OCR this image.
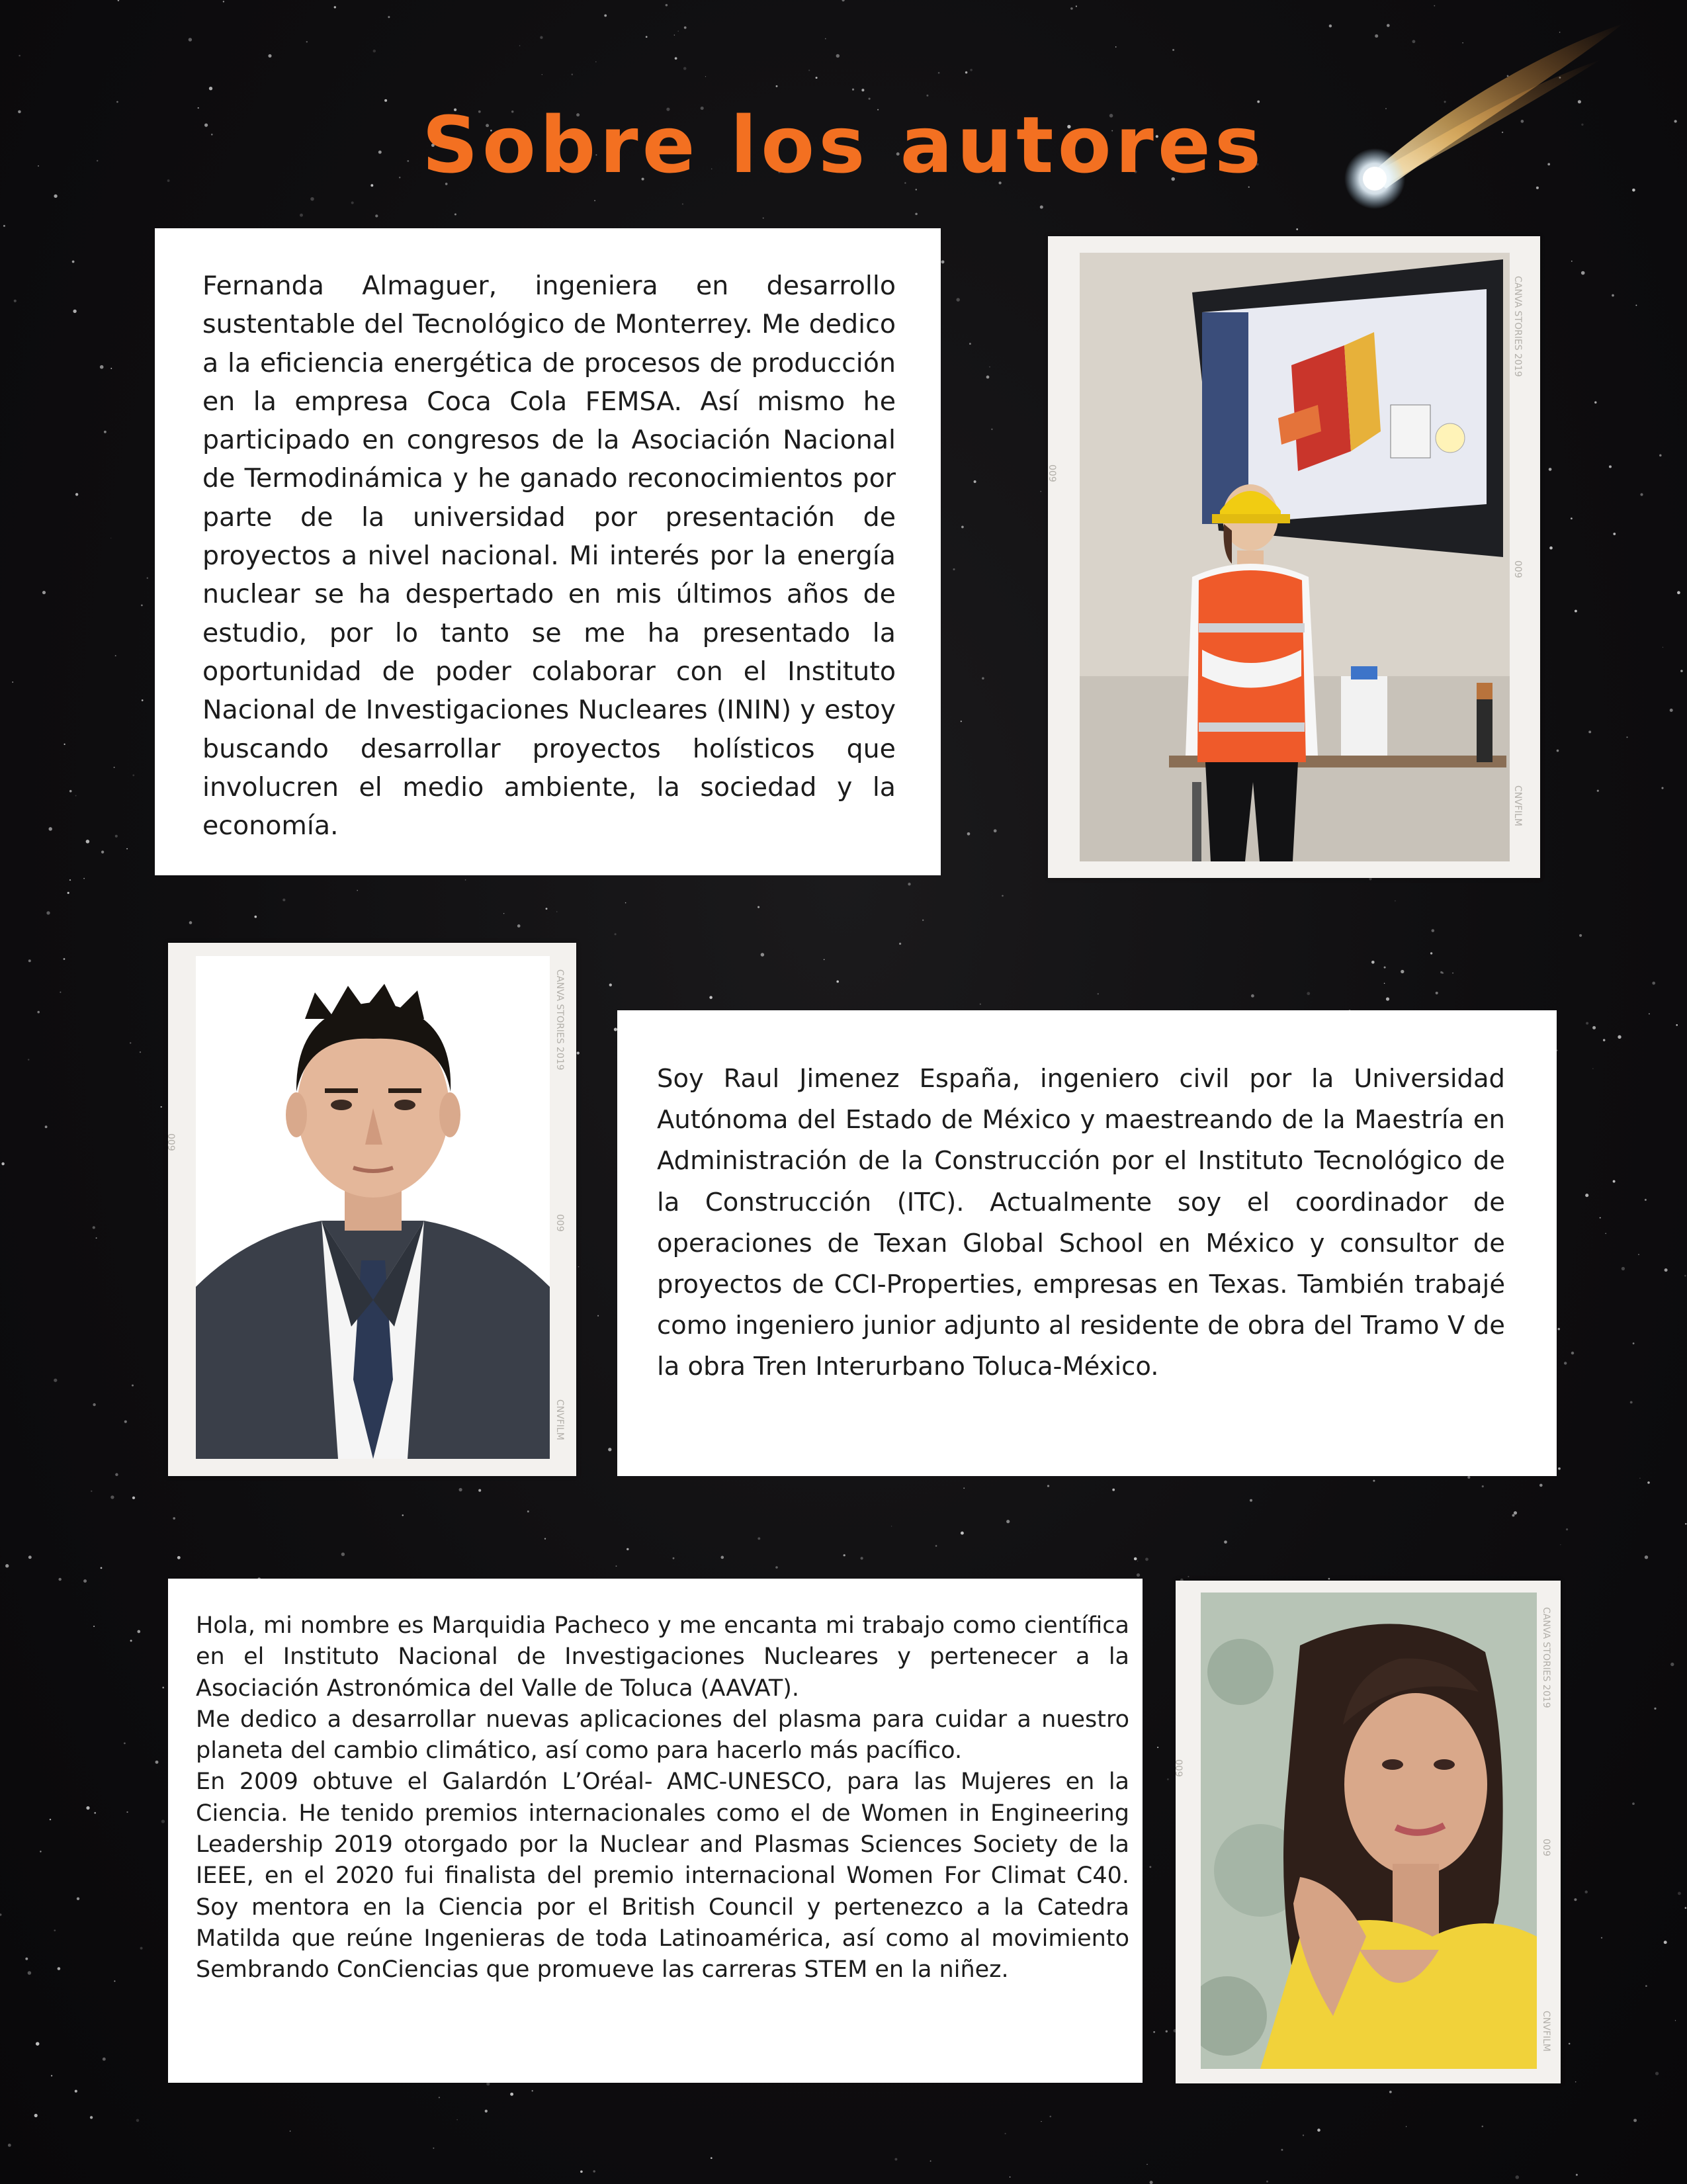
Sobre los autores

Fernanda Almaguer, ingeniera en desarrollo sustentable del Tecnológico de Monterrey. Me dedico a la eficiencia energética de procesos de producción en la empresa Coca Cola FEMSA. Así mismo he participado en congresos de la Asociación Nacional de Termodinámica y he ganado reconocimientos por parte de la universidad por presentación de proyectos a nivel nacional. Mi interés por la energía nuclear se ha despertado en mis últimos años de estudio, por lo tanto se me ha presentado la oportunidad de poder colaborar con el Instituto Nacional de Investigaciones Nucleares (ININ) y estoy buscando desarrollar proyectos holísticos que involucren el medio ambiente, la sociedad y la economía.

CANVA STORIES 2019
009
009
CNVFILM
CANVA STORIES 2019
009
009
CNVFILM

Soy Raul Jimenez España, ingeniero civil por la Universidad Autónoma del Estado de México y maestreando de la Maestría en Administración de la Construcción por el Instituto Tecnológico de la Construcción (ITC). Actualmente soy el coordinador de operaciones de Texan Global School en México y consultor de proyectos de CCI-Properties, empresas en Texas. También trabajé como ingeniero junior adjunto al residente de obra del Tramo V de la obra Tren Interurbano Toluca-México.

Hola, mi nombre es Marquidia Pacheco y me encanta mi trabajo como científica en el Instituto Nacional de Investigaciones Nucleares y pertenecer a la Asociación Astronómica del Valle de Toluca (AAVAT).

Me dedico a desarrollar nuevas aplicaciones del plasma para cuidar a nuestro planeta del cambio climático, así como para hacerlo más pacífico.

En 2009 obtuve el Galardón L’Oréal- AMC-UNESCO, para las Mujeres en la Ciencia. He tenido premios internacionales como el de Women in Engineering Leadership 2019 otorgado por la Nuclear and Plasmas Sciences Society de la IEEE, en el 2020 fui finalista del premio internacional Women For Climat C40. Soy mentora en la Ciencia por el British Council y pertenezco a la Catedra Matilda que reúne Ingenieras de toda Latinoamérica, así como al movimiento Sembrando ConCiencias que promueve las carreras STEM en la niñez.

CANVA STORIES 2019
009
009
CNVFILM
